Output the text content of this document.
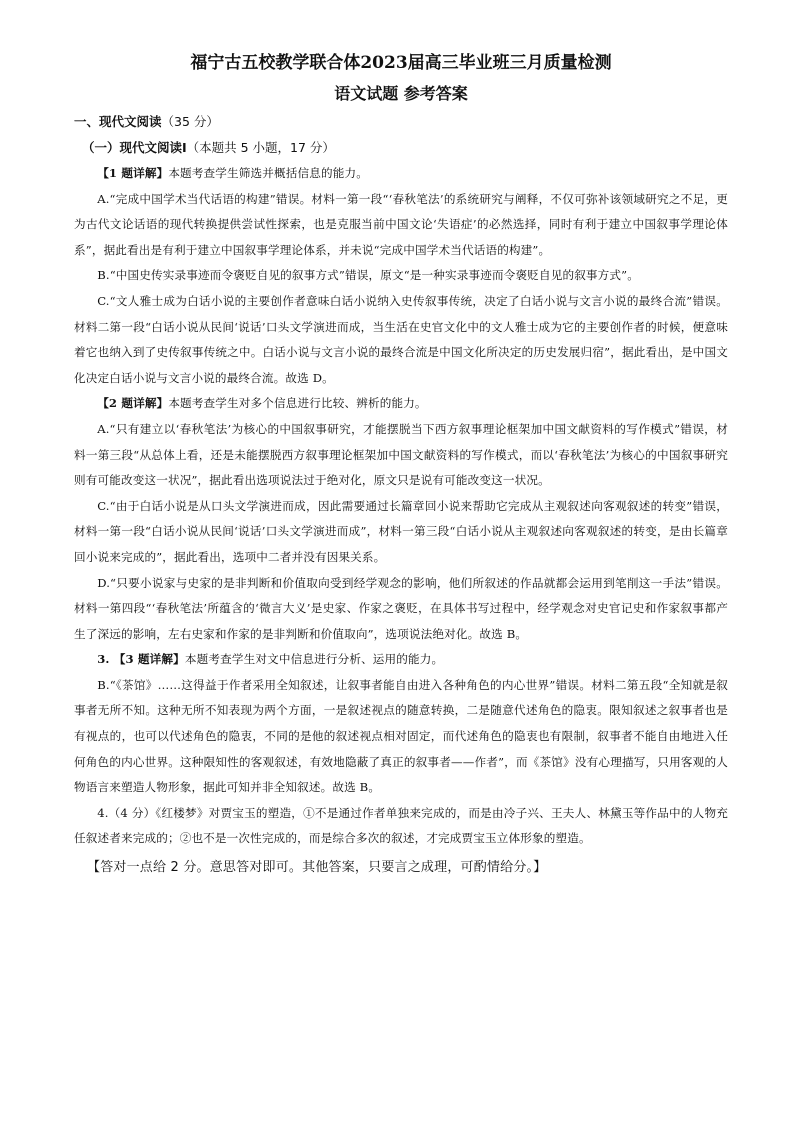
福宁古五校教学联合体2023届高三毕业班三月质量检测
语文试题 参考答案
一、现代文阅读（35 分）
（一）现代文阅读I（本题共 5 小题，17 分）

【1 题详解】本题考查学生筛选并概括信息的能力。

A.“完成中国学术当代话语的构建”错误。材料一第一段“‘春秋笔法’的系统研究与阐释，不仅可弥补该领域研究之不足，更为古代文论话语的现代转换提供尝试性探索，也是克服当前中国文论‘失语症’的必然选择，同时有利于建立中国叙事学理论体系”，据此看出是有利于建立中国叙事学理论体系，并未说“完成中国学术当代话语的构建”。

B.“中国史传实录事迹而令褒贬自见的叙事方式”错误，原文“是一种实录事迹而令褒贬自见的叙事方式”。

C.“文人雅士成为白话小说的主要创作者意味白话小说纳入史传叙事传统，决定了白话小说与文言小说的最终合流”错误。材料二第一段“白话小说从民间‘说话’口头文学演进而成，当生活在史官文化中的文人雅士成为它的主要创作者的时候，便意味着它也纳入到了史传叙事传统之中。白话小说与文言小说的最终合流是中国文化所决定的历史发展归宿”，据此看出，是中国文化决定白话小说与文言小说的最终合流。故选 D。

【2 题详解】本题考查学生对多个信息进行比较、辨析的能力。

A.“只有建立以‘春秋笔法’为核心的中国叙事研究，才能摆脱当下西方叙事理论框架加中国文献资料的写作模式”错误，材料一第三段“从总体上看，还是未能摆脱西方叙事理论框架加中国文献资料的写作模式，而以‘春秋笔法’为核心的中国叙事研究则有可能改变这一状况”，据此看出选项说法过于绝对化，原文只是说有可能改变这一状况。

C.“由于白话小说是从口头文学演进而成，因此需要通过长篇章回小说来帮助它完成从主观叙述向客观叙述的转变”错误，材料一第一段“白话小说从民间‘说话’口头文学演进而成”，材料一第三段“白话小说从主观叙述向客观叙述的转变，是由长篇章回小说来完成的”，据此看出，选项中二者并没有因果关系。

D.“只要小说家与史家的是非判断和价值取向受到经学观念的影响，他们所叙述的作品就都会运用到笔削这一手法”错误。 材料一第四段“‘春秋笔法’所蕴含的‘微言大义’是史家、作家之褒贬，在具体书写过程中，经学观念对史官记史和作家叙事都产生了深远的影响，左右史家和作家的是非判断和价值取向”，选项说法绝对化。故选 B。

3. 【3 题详解】本题考查学生对文中信息进行分析、运用的能力。

B.“《茶馆》……这得益于作者采用全知叙述，让叙事者能自由进入各种角色的内心世界”错误。材料二第五段“全知就是叙事者无所不知。这种无所不知表现为两个方面，一是叙述视点的随意转换，二是随意代述角色的隐衷。限知叙述之叙事者也是有视点的，也可以代述角色的隐衷，不同的是他的叙述视点相对固定，而代述角色的隐衷也有限制，叙事者不能自由地进入任何角色的内心世界。这种限知性的客观叙述，有效地隐蔽了真正的叙事者——作者”，而《茶馆》没有心理描写，只用客观的人物语言来塑造人物形象，据此可知并非全知叙述。故选 B。

4.（4 分）《红楼梦》对贾宝玉的塑造，①不是通过作者单独来完成的，而是由冷子兴、王夫人、林黛玉等作品中的人物充任叙述者来完成的；②也不是一次性完成的，而是综合多次的叙述，才完成贾宝玉立体形象的塑造。

【答对一点给 2 分。意思答对即可。其他答案，只要言之成理，可酌情给分。】
